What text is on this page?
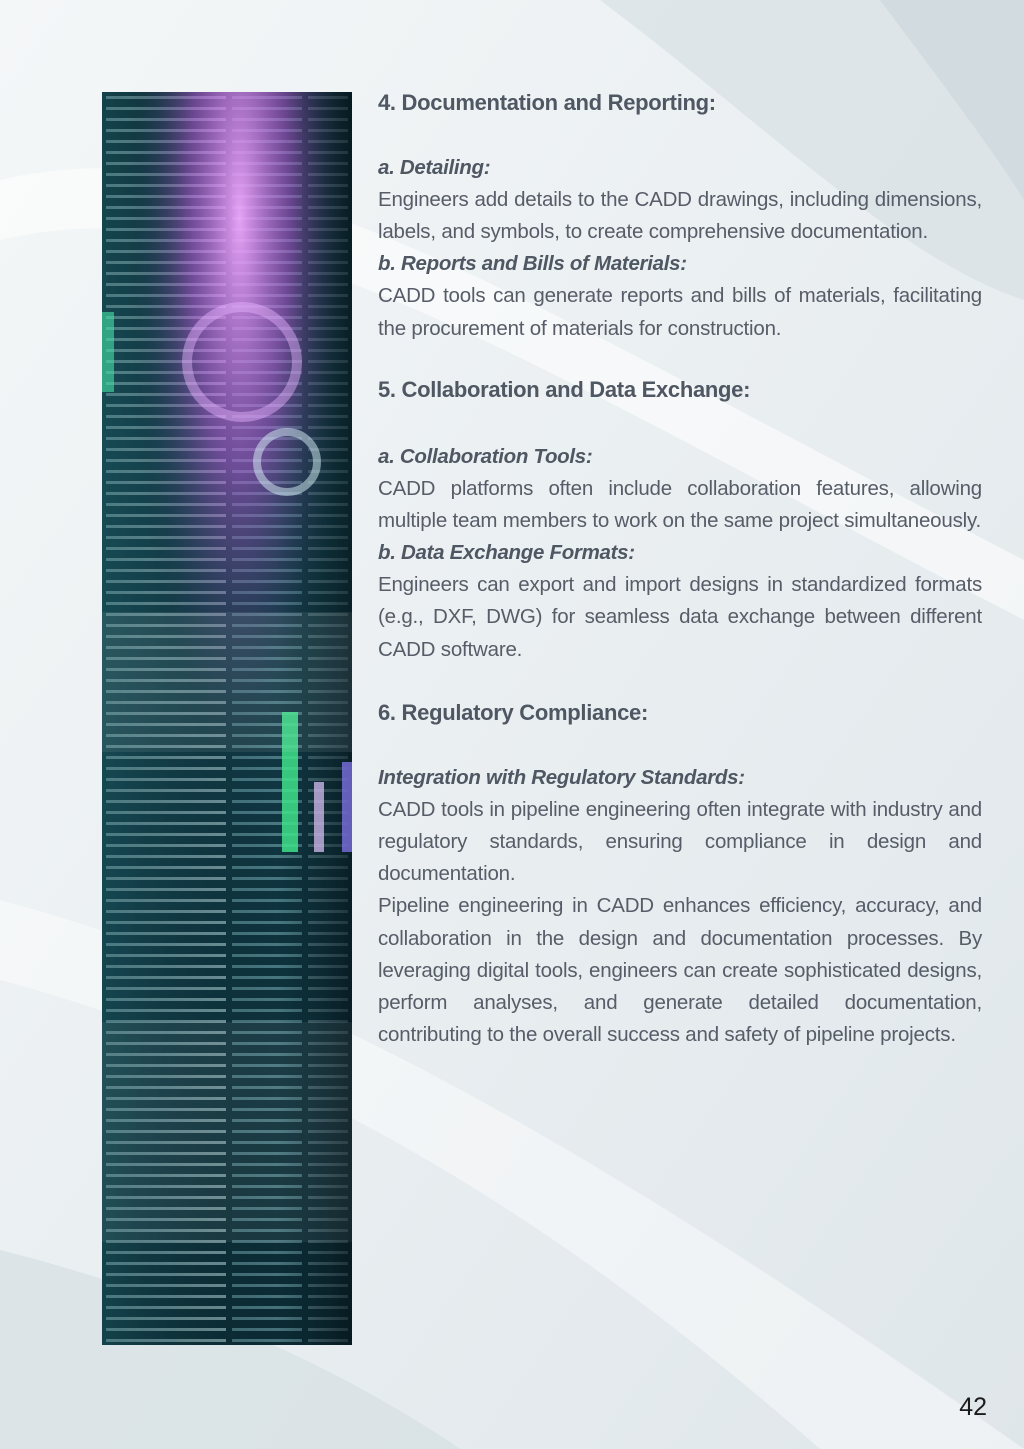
4. Documentation and Reporting:

a. Detailing:

Engineers add details to the CADD drawings, including dimensions, labels, and symbols, to create comprehensive documentation.

b. Reports and Bills of Materials:

CADD tools can generate reports and bills of materials, facilitating the procurement of materials for construction.

5. Collaboration and Data Exchange:

a. Collaboration Tools:

CADD platforms often include collaboration features, allowing multiple team members to work on the same project simultaneously.

b. Data Exchange Formats:

Engineers can export and import designs in standardized formats (e.g., DXF, DWG) for seamless data exchange between different CADD software.

6. Regulatory Compliance:

Integration with Regulatory Standards:

CADD tools in pipeline engineering often integrate with industry and regulatory standards, ensuring compliance in design and documentation.

Pipeline engineering in CADD enhances efficiency, accuracy, and collaboration in the design and documentation processes. By leveraging digital tools, engineers can create sophisticated designs, perform analyses, and generate detailed documentation, contributing to the overall success and safety of pipeline projects.

42
